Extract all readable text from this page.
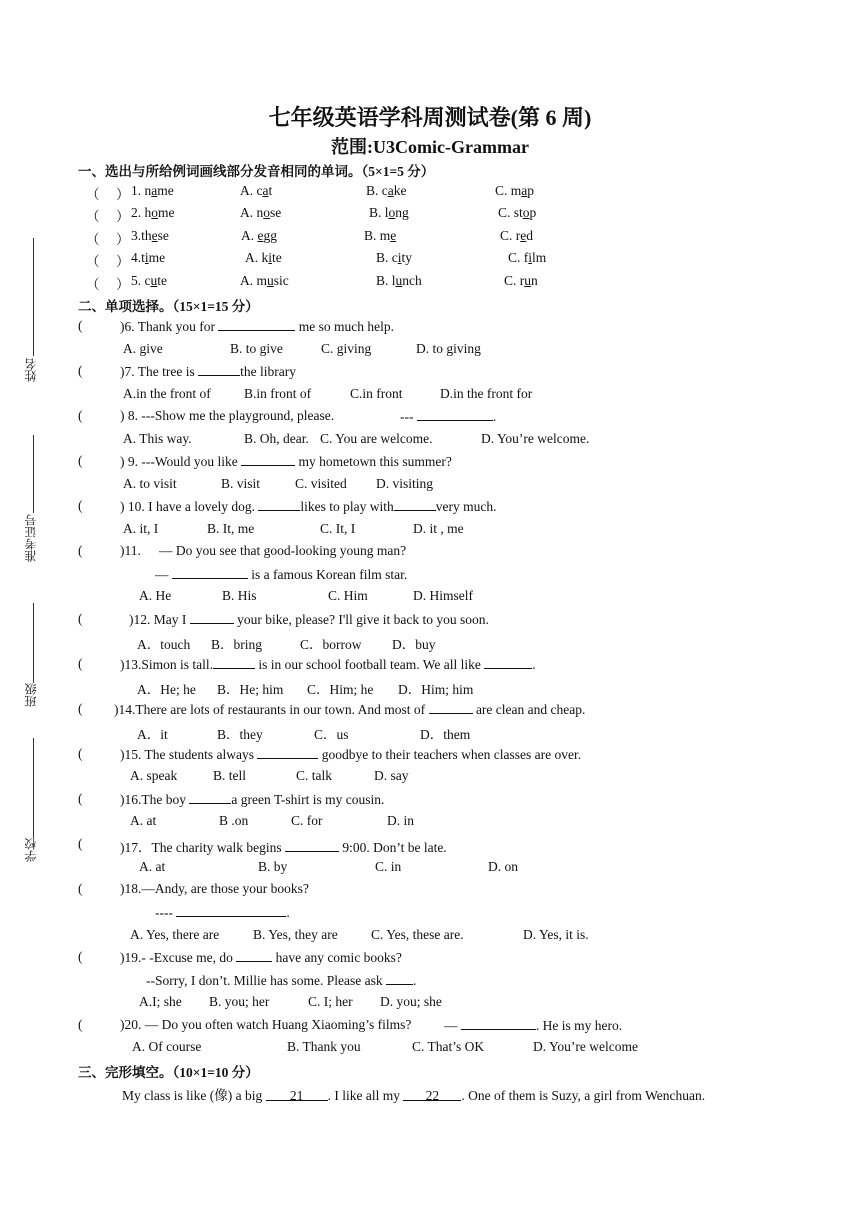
姓名
准考证号
班级
学校
七年级英语学科周测试卷(第 6 周)
范围:U3Comic-Grammar
一、选出与所给例词画线部分发音相同的单词。（5×1=5 分）
（ ） 1. name	A. cat	B. cake	C. map
（ ） 2. home	A. nose	B. long	C. stop
（ ） 3.these	A. egg	B. me	C. red
（ ） 4.time	A. kite	B. city	C. film
（ ） 5. cute	A. music	B. lunch	C. run
二、单项选择。（15×1=15 分）
(	)6. Thank you for	me so much help.
A. give	B. to give	C. giving	D. to giving
(	)7. The tree is	the library
A.in the front of B.in front of	C.in front	D.in the front for
(	) 8. ---Show me the playground, please.	---	.
A. This way.	B. Oh, dear. C. You are welcome.	D. You’re welcome.
(	) 9. ---Would you like	my hometown this summer?
A. to visit	B. visit	C. visited D. visiting
(	) 10. I have a lovely dog.	likes to play with	very much.
A. it, I	B. It, me	C. It, I	D. it , me
(	)11. — Do you see that good-looking young man?
—	is a famous Korean film star.
A. He	B. His	C. Him	D. Himself
(	)12. May I	your bike, please? I'll give it back to you soon.
A．touch B．bring	C．borrow D．buy
(	)13.Simon is tall.	is in our school football team. We all like	.
A．He; he B．He; him C．Him; he D．Him; him
( )14.There are lots of restaurants in our town. And most of	are clean and cheap.
A．it	B．they	C．us	D．them
(	)15. The students always	goodbye to their teachers when classes are over.
A. speak	B. tell	C. talk	D. say
(	)16.The boy	a green T-shirt is my cousin.
A. at	B .on	C. for	D. in
(	)17．The charity walk begins	9:00. Don’t be late.
A. at	B. by	C. in	D. on
(	)18.—Andy, are those your books?
----	.
A. Yes, there are	B. Yes, they are C. Yes, these are.	D. Yes, it is.
(	)19.- -Excuse me, do	have any comic books?
--Sorry, I don’t. Millie has some. Please ask .
A.I; she B. you; her	C. I; her D. you; she
(	)20. — Do you often watch Huang Xiaoming’s films? —	. He is my hero.
A. Of course	B. Thank you	C. That’s OK	D. You’re welcome
三、完形填空。（10×1=10 分）
My class is like (像) a big 21 . I like all my 22 . One of them is Suzy, a girl from Wenchuan.
